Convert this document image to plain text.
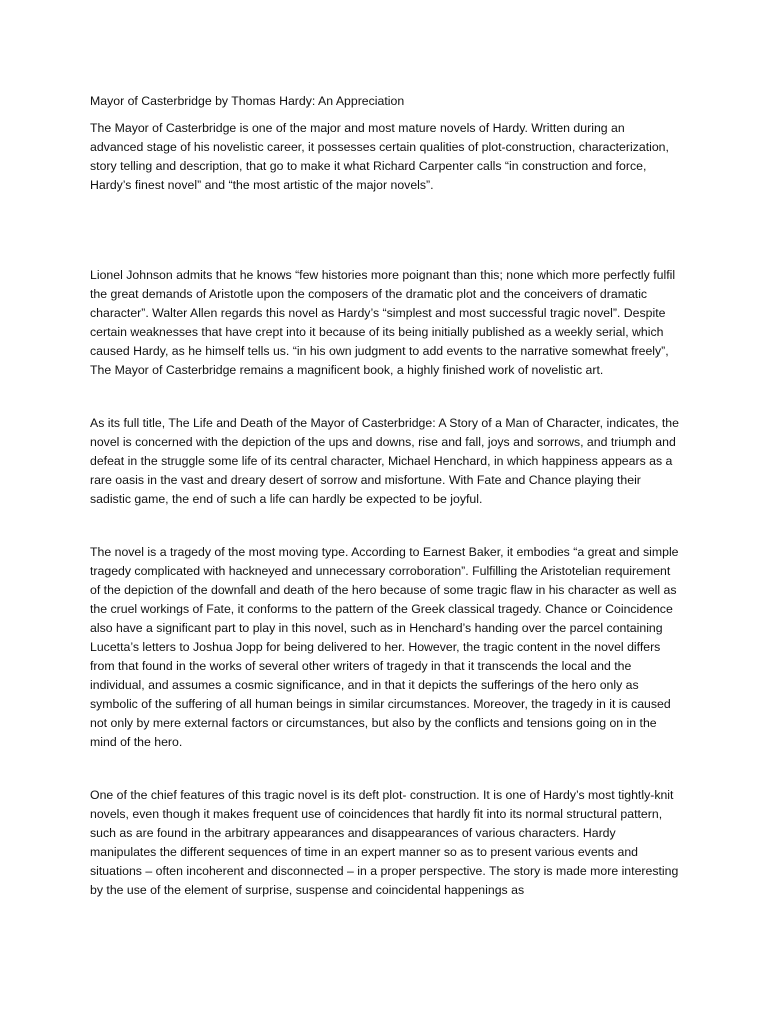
Mayor of Casterbridge by Thomas Hardy: An Appreciation

The Mayor of Casterbridge is one of the major and most mature novels of Hardy. Written during an advanced stage of his novelistic career, it possesses certain qualities of plot-construction, characterization, story telling and description, that go to make it what Richard Carpenter calls “in construction and force, Hardy’s finest novel” and “the most artistic of the major novels”.

Lionel Johnson admits that he knows “few histories more poignant than this; none which more perfectly fulfil the great demands of Aristotle upon the composers of the dramatic plot and the conceivers of dramatic character”. Walter Allen regards this novel as Hardy’s “simplest and most successful tragic novel”. Despite certain weaknesses that have crept into it because of its being initially published as a weekly serial, which caused Hardy, as he himself tells us. “in his own judgment to add events to the narrative somewhat freely”, The Mayor of Casterbridge remains a magnificent book, a highly finished work of novelistic art.

As its full title, The Life and Death of the Mayor of Casterbridge: A Story of a Man of Character, indicates, the novel is concerned with the depiction of the ups and downs, rise and fall, joys and sorrows, and triumph and defeat in the struggle some life of its central character, Michael Henchard, in which happiness appears as a rare oasis in the vast and dreary desert of sorrow and misfortune. With Fate and Chance playing their sadistic game, the end of such a life can hardly be expected to be joyful.

The novel is a tragedy of the most moving type. According to Earnest Baker, it embodies “a great and simple tragedy complicated with hackneyed and unnecessary corroboration”. Fulfilling the Aristotelian requirement of the depiction of the downfall and death of the hero because of some tragic flaw in his character as well as the cruel workings of Fate, it conforms to the pattern of the Greek classical tragedy. Chance or Coincidence also have a significant part to play in this novel, such as in Henchard’s handing over the parcel containing Lucetta’s letters to Joshua Jopp for being delivered to her. However, the tragic content in the novel differs from that found in the works of several other writers of tragedy in that it transcends the local and the individual, and assumes a cosmic significance, and in that it depicts the sufferings of the hero only as symbolic of the suffering of all human beings in similar circumstances. Moreover, the tragedy in it is caused not only by mere external factors or circumstances, but also by the conflicts and tensions going on in the mind of the hero.

One of the chief features of this tragic novel is its deft plot- construction. It is one of Hardy’s most tightly-knit novels, even though it makes frequent use of coincidences that hardly fit into its normal structural pattern, such as are found in the arbitrary appearances and disappearances of various characters. Hardy manipulates the different sequences of time in an expert manner so as to present various events and situations – often incoherent and disconnected – in a proper perspective. The story is made more interesting by the use of the element of surprise, suspense and coincidental happenings as
